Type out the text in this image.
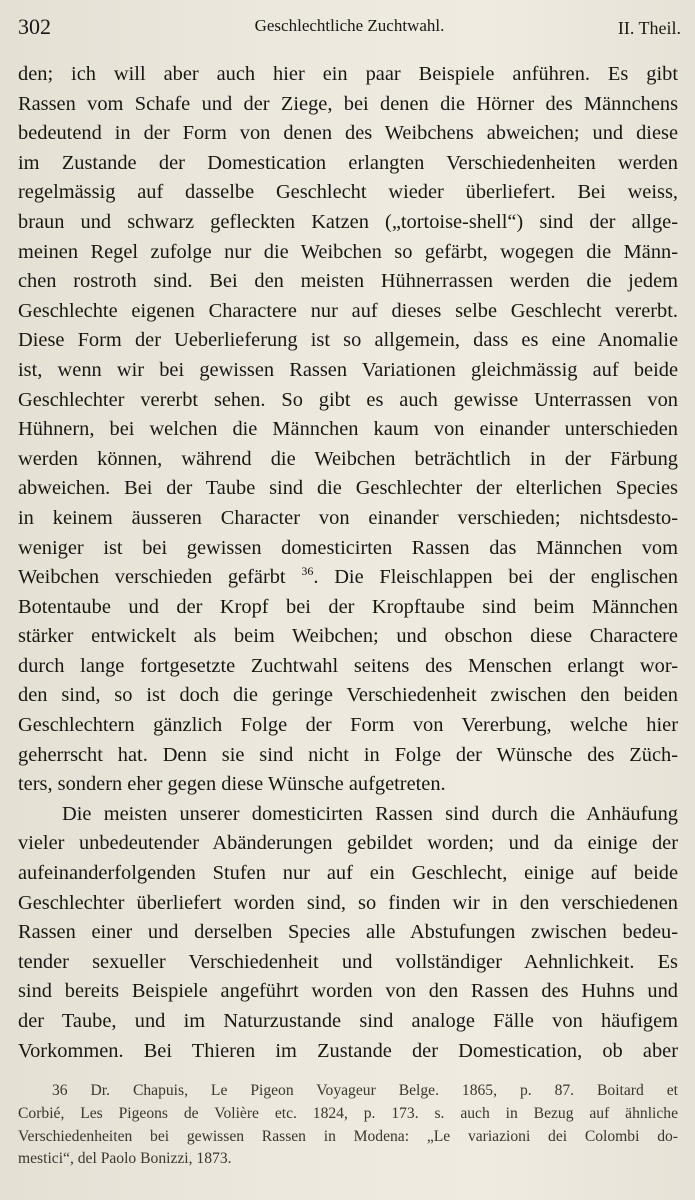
302	Geschlechtliche Zuchtwahl.	II. Theil.
den; ich will aber auch hier ein paar Beispiele anführen. Es gibt
Rassen vom Schafe und der Ziege, bei denen die Hörner des Männchens
bedeutend in der Form von denen des Weibchens abweichen; und diese
im Zustande der Domestication erlangten Verschiedenheiten werden
regelmässig auf dasselbe Geschlecht wieder überliefert. Bei weiss,
braun und schwarz gefleckten Katzen („tortoise-shell“) sind der allge-
meinen Regel zufolge nur die Weibchen so gefärbt, wogegen die Männ-
chen rostroth sind. Bei den meisten Hühnerrassen werden die jedem
Geschlechte eigenen Charactere nur auf dieses selbe Geschlecht vererbt.
Diese Form der Ueberlieferung ist so allgemein, dass es eine Anomalie
ist, wenn wir bei gewissen Rassen Variationen gleichmässig auf beide
Geschlechter vererbt sehen. So gibt es auch gewisse Unterrassen von
Hühnern, bei welchen die Männchen kaum von einander unterschieden
werden können, während die Weibchen beträchtlich in der Färbung
abweichen. Bei der Taube sind die Geschlechter der elterlichen Species
in keinem äusseren Character von einander verschieden; nichtsdesto-
weniger ist bei gewissen domesticirten Rassen das Männchen vom
Weibchen verschieden gefärbt $^{36}$. Die Fleischlappen bei der englischen
Botentaube und der Kropf bei der Kropftaube sind beim Männchen
stärker entwickelt als beim Weibchen; und obschon diese Charactere
durch lange fortgesetzte Zuchtwahl seitens des Menschen erlangt wor-
den sind, so ist doch die geringe Verschiedenheit zwischen den beiden
Geschlechtern gänzlich Folge der Form von Vererbung, welche hier
geherrscht hat. Denn sie sind nicht in Folge der Wünsche des Züch-
ters, sondern eher gegen diese Wünsche aufgetreten.
Die meisten unserer domesticirten Rassen sind durch die Anhäufung
vieler unbedeutender Abänderungen gebildet worden; und da einige der
aufeinanderfolgenden Stufen nur auf ein Geschlecht, einige auf beide
Geschlechter überliefert worden sind, so finden wir in den verschiedenen
Rassen einer und derselben Species alle Abstufungen zwischen bedeu-
tender sexueller Verschiedenheit und vollständiger Aehnlichkeit. Es
sind bereits Beispiele angeführt worden von den Rassen des Huhns und
der Taube, und im Naturzustande sind analoge Fälle von häufigem
Vorkommen. Bei Thieren im Zustande der Domestication, ob aber
36 Dr. Chapuis, Le Pigeon Voyageur Belge. 1865, p. 87. Boitard et
Corbié, Les Pigeons de Volière etc. 1824, p. 173. s. auch in Bezug auf ähnliche
Verschiedenheiten bei gewissen Rassen in Modena: „Le variazioni dei Colombi do-
mestici“, del Paolo Bonizzi, 1873.
